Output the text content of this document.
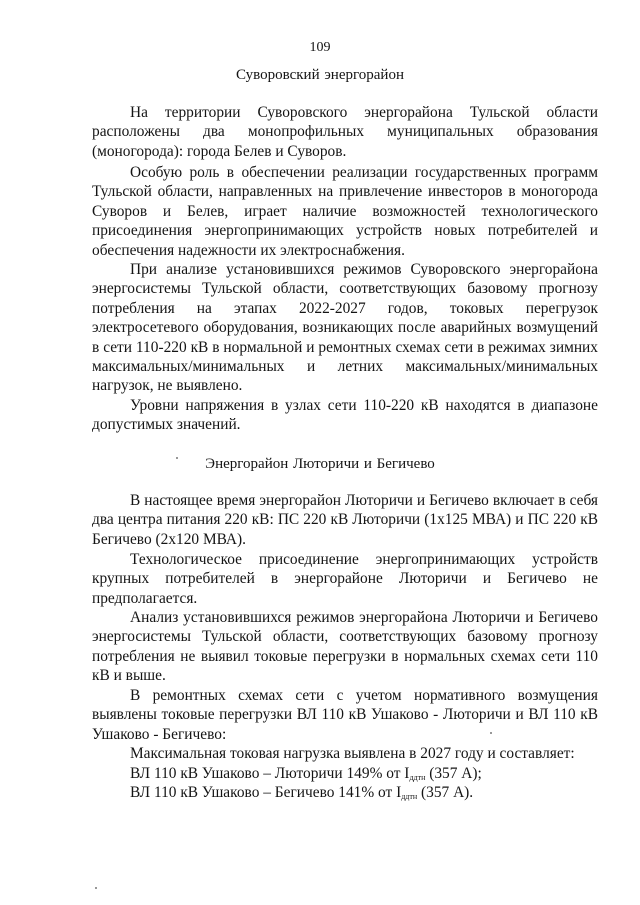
109
Суворовский энергорайон

На территории Суворовского энергорайона Тульской области расположены два монопрофильных муниципальных образования (моногорода): города Белев и Суворов.

Особую роль в обеспечении реализации государственных программ Тульской области, направленных на привлечение инвесторов в моногорода Суворов и Белев, играет наличие возможностей технологического присоединения энергопринимающих устройств новых потребителей и обеспечения надежности их электроснабжения.

При анализе установившихся режимов Суворовского энергорайона энергосистемы Тульской области, соответствующих базовому прогнозу потребления на этапах 2022-2027 годов, токовых перегрузок электросетевого оборудования, возникающих после аварийных возмущений в сети 110-220 кВ в нормальной и ремонтных схемах сети в режимах зимних максимальных/минимальных и летних максимальных/минимальных нагрузок, не выявлено.

Уровни напряжения в узлах сети 110-220 кВ находятся в диапазоне допустимых значений.

Энергорайон Люторичи и Бегичево

В настоящее время энергорайон Люторичи и Бегичево включает в себя два центра питания 220 кВ: ПС 220 кВ Люторичи (1х125 МВА) и ПС 220 кВ Бегичево (2х120 МВА).

Технологическое присоединение энергопринимающих устройств крупных потребителей в энергорайоне Люторичи и Бегичево не предполагается.

Анализ установившихся режимов энергорайона Люторичи и Бегичево энергосистемы Тульской области, соответствующих базовому прогнозу потребления не выявил токовые перегрузки в нормальных схемах сети 110 кВ и выше.

В ремонтных схемах сети с учетом нормативного возмущения выявлены токовые перегрузки ВЛ 110 кВ Ушаково - Люторичи и ВЛ 110 кВ Ушаково - Бегичево:

Максимальная токовая нагрузка выявлена в 2027 году и составляет:

ВЛ 110 кВ Ушаково – Люторичи 149% от $I_{ддтн}$ (357 А);
ВЛ 110 кВ Ушаково – Бегичево 141% от $I_{ддтн}$ (357 А).
